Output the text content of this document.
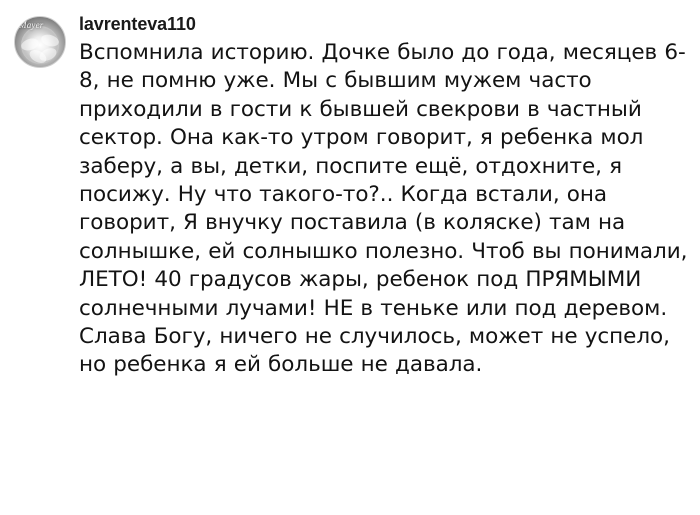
Mayer lavrenteva110
Вспомнила историю. Дочке было до года, месяцев 6-8, не помню уже. Мы с бывшим мужем часто приходили в гости к бывшей свекрови в частный сектор. Она как-то утром говорит, я ребенка мол заберу, а вы, детки, поспите ещё, отдохните, я посижу. Ну что такого-то?.. Когда встали, она говорит, Я внучку поставила (в коляске) там на солнышке, ей солнышко полезно. Чтоб вы понимали, ЛЕТО! 40 градусов жары, ребенок под ПРЯМЫМИ солнечными лучами! НЕ в теньке или под деревом. Слава Богу, ничего не случилось, может не успело, но ребенка я ей больше не давала.
